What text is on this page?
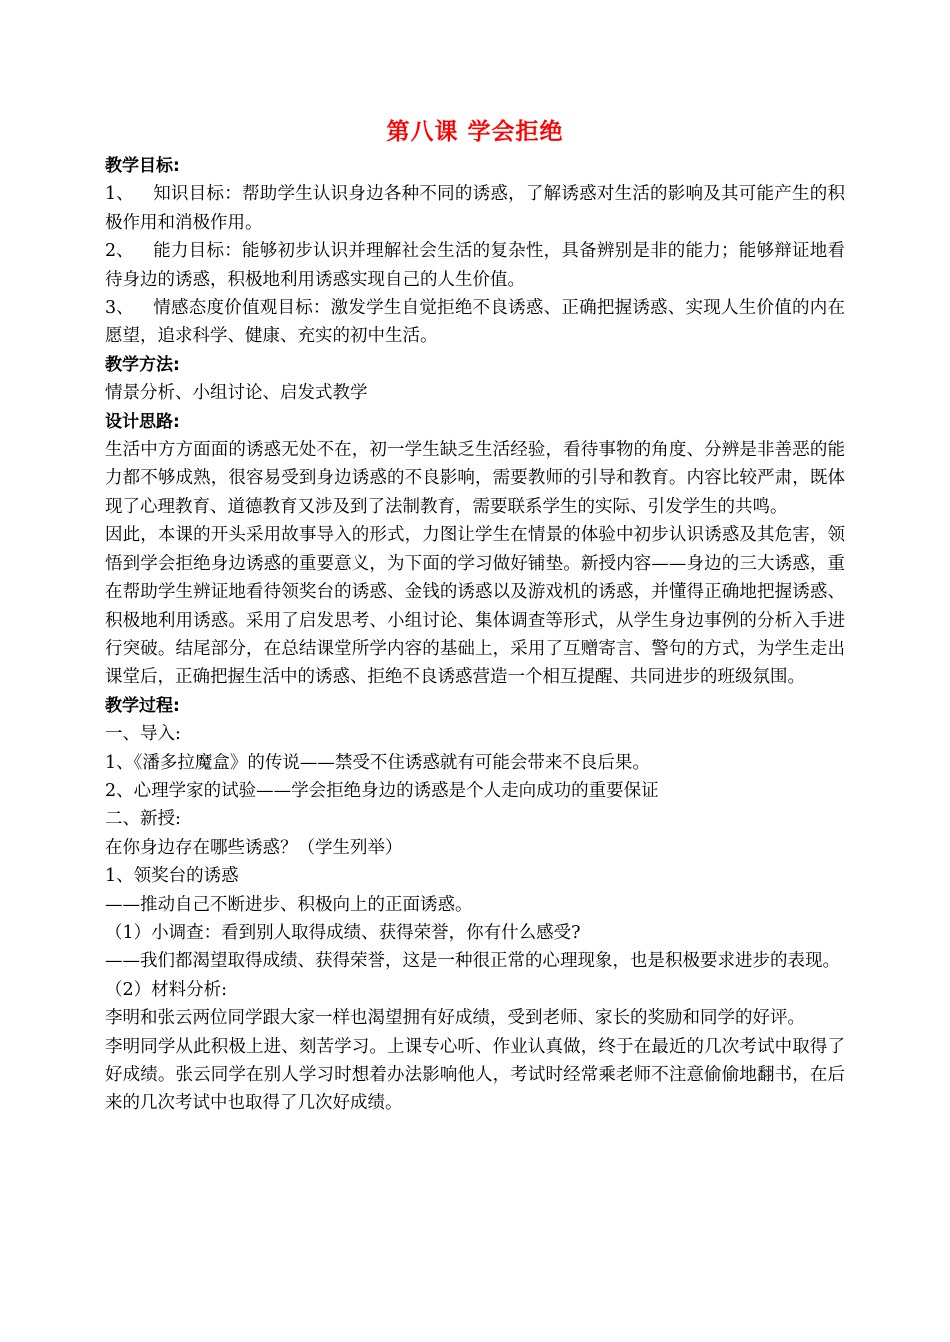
第八课 学会拒绝

教学目标:

1、 知识目标：帮助学生认识身边各种不同的诱惑，了解诱惑对生活的影响及其可能产生的积极作用和消极作用。

2、 能力目标：能够初步认识并理解社会生活的复杂性，具备辨别是非的能力；能够辩证地看待身边的诱惑，积极地利用诱惑实现自己的人生价值。

3、 情感态度价值观目标：激发学生自觉拒绝不良诱惑、正确把握诱惑、实现人生价值的内在愿望，追求科学、健康、充实的初中生活。

教学方法:

情景分析、小组讨论、启发式教学

设计思路:

生活中方方面面的诱惑无处不在，初一学生缺乏生活经验，看待事物的角度、分辨是非善恶的能力都不够成熟，很容易受到身边诱惑的不良影响，需要教师的引导和教育。内容比较严肃，既体现了心理教育、道德教育又涉及到了法制教育，需要联系学生的实际、引发学生的共鸣。

因此，本课的开头采用故事导入的形式，力图让学生在情景的体验中初步认识诱惑及其危害，领悟到学会拒绝身边诱惑的重要意义，为下面的学习做好铺垫。新授内容——身边的三大诱惑，重在帮助学生辨证地看待领奖台的诱惑、金钱的诱惑以及游戏机的诱惑，并懂得正确地把握诱惑、积极地利用诱惑。采用了启发思考、小组讨论、集体调查等形式，从学生身边事例的分析入手进行突破。结尾部分，在总结课堂所学内容的基础上，采用了互赠寄言、警句的方式，为学生走出课堂后，正确把握生活中的诱惑、拒绝不良诱惑营造一个相互提醒、共同进步的班级氛围。

教学过程:

一、导入:

1、《潘多拉魔盒》的传说——禁受不住诱惑就有可能会带来不良后果。

2、心理学家的试验——学会拒绝身边的诱惑是个人走向成功的重要保证

二、新授:

在你身边存在哪些诱惑？（学生列举）

1、领奖台的诱惑

——推动自己不断进步、积极向上的正面诱惑。

（1）小调查：看到别人取得成绩、获得荣誉，你有什么感受?

——我们都渴望取得成绩、获得荣誉，这是一种很正常的心理现象，也是积极要求进步的表现。

（2）材料分析:

李明和张云两位同学跟大家一样也渴望拥有好成绩，受到老师、家长的奖励和同学的好评。

李明同学从此积极上进、刻苦学习。上课专心听、作业认真做，终于在最近的几次考试中取得了好成绩。张云同学在别人学习时想着办法影响他人，考试时经常乘老师不注意偷偷地翻书，在后来的几次考试中也取得了几次好成绩。
